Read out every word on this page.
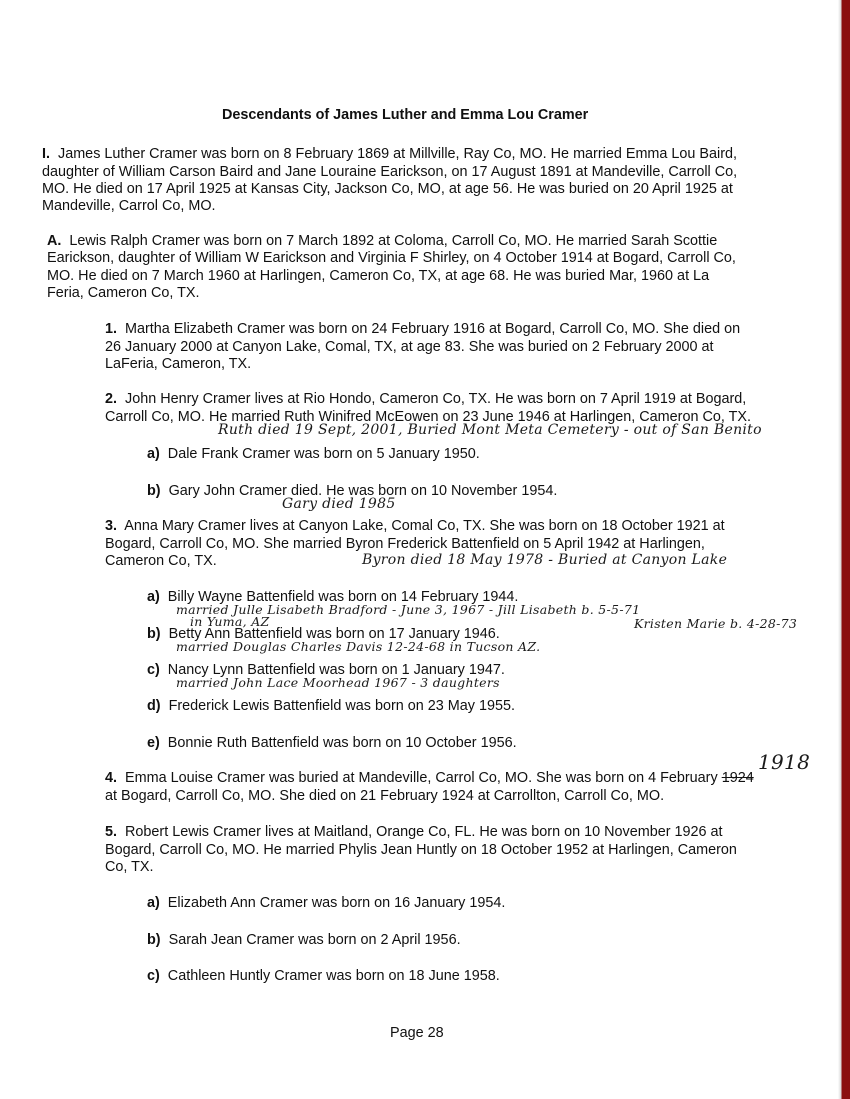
Descendants of James Luther and Emma Lou Cramer

I. James Luther Cramer was born on 8 February 1869 at Millville, Ray Co, MO. He married Emma Lou Baird,

daughter of William Carson Baird and Jane Louraine Earickson, on 17 August 1891 at Mandeville, Carroll Co,

MO. He died on 17 April 1925 at Kansas City, Jackson Co, MO, at age 56. He was buried on 20 April 1925 at

Mandeville, Carrol Co, MO.

A. Lewis Ralph Cramer was born on 7 March 1892 at Coloma, Carroll Co, MO. He married Sarah Scottie

Earickson, daughter of William W Earickson and Virginia F Shirley, on 4 October 1914 at Bogard, Carroll Co,

MO. He died on 7 March 1960 at Harlingen, Cameron Co, TX, at age 68. He was buried Mar, 1960 at La

Feria, Cameron Co, TX.

1. Martha Elizabeth Cramer was born on 24 February 1916 at Bogard, Carroll Co, MO. She died on

26 January 2000 at Canyon Lake, Comal, TX, at age 83. She was buried on 2 February 2000 at

LaFeria, Cameron, TX.

2. John Henry Cramer lives at Rio Hondo, Cameron Co, TX. He was born on 7 April 1919 at Bogard,

Carroll Co, MO. He married Ruth Winifred McEowen on 23 June 1946 at Harlingen, Cameron Co, TX.

Ruth died 19 Sept, 2001, Buried Mont Meta Cemetery - out of San Benito

a) Dale Frank Cramer was born on 5 January 1950.

b) Gary John Cramer died. He was born on 10 November 1954.

Gary died 1985

3. Anna Mary Cramer lives at Canyon Lake, Comal Co, TX. She was born on 18 October 1921 at

Bogard, Carroll Co, MO. She married Byron Frederick Battenfield on 5 April 1942 at Harlingen,

Cameron Co, TX.	Byron died 18 May 1978 - Buried at Canyon Lake

a) Billy Wayne Battenfield was born on 14 February 1944.

married Julle Lisabeth Bradford - June 3, 1967 - Jill Lisabeth b. 5-5-71

in Yuma, AZ	Kristen Marie b. 4-28-73

b) Betty Ann Battenfield was born on 17 January 1946.

married Douglas Charles Davis 12-24-68 in Tucson AZ.

c) Nancy Lynn Battenfield was born on 1 January 1947.

married John Lace Moorhead 1967 - 3 daughters

d) Frederick Lewis Battenfield was born on 23 May 1955.

e) Bonnie Ruth Battenfield was born on 10 October 1956.

1918

4. Emma Louise Cramer was buried at Mandeville, Carrol Co, MO. She was born on 4 February 1924

at Bogard, Carroll Co, MO. She died on 21 February 1924 at Carrollton, Carroll Co, MO.

5. Robert Lewis Cramer lives at Maitland, Orange Co, FL. He was born on 10 November 1926 at

Bogard, Carroll Co, MO. He married Phylis Jean Huntly on 18 October 1952 at Harlingen, Cameron

Co, TX.

a) Elizabeth Ann Cramer was born on 16 January 1954.

b) Sarah Jean Cramer was born on 2 April 1956.

c) Cathleen Huntly Cramer was born on 18 June 1958.

Page 28
